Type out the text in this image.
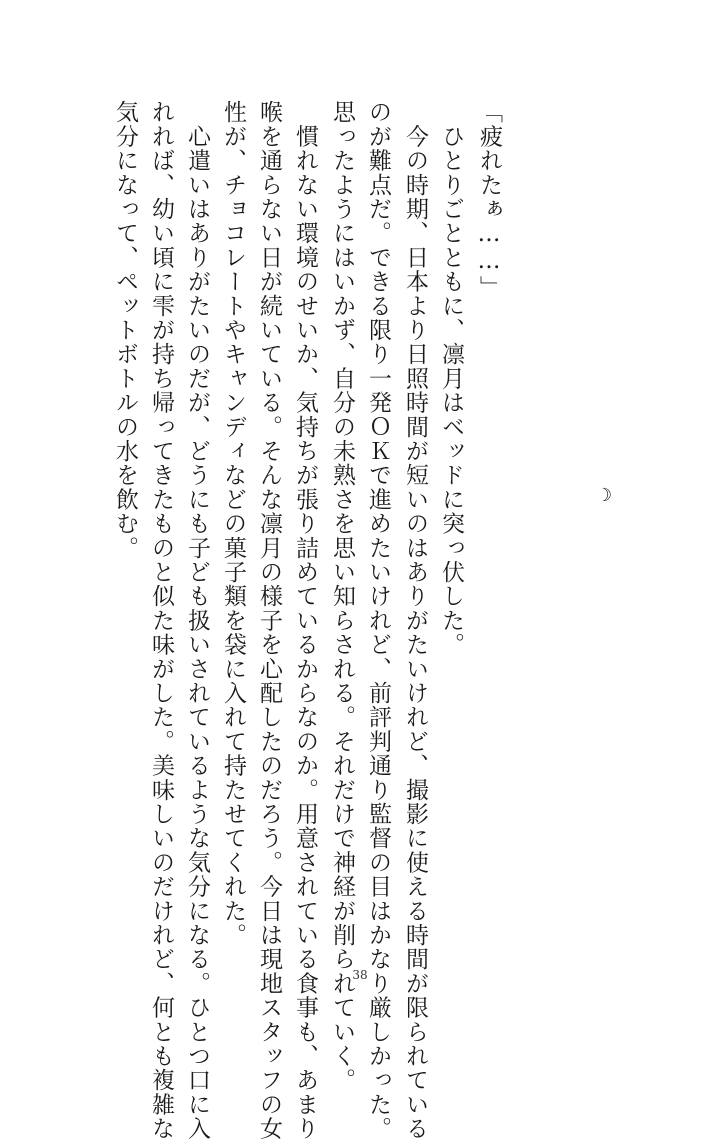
「疲れたぁ……」
　ひとりごとともに、凛月はベッドに突っ伏した。
　今の時期、日本より日照時間が短いのはありがたいけれど、撮影に使える時間が限られている
のが難点だ。できる限り一発ＯＫで進めたいけれど、前評判通り監督の目はかなり厳しかった。
思ったようにはいかず、自分の未熟さを思い知らされる。それだけで神経が削られていく。
　慣れない環境のせいか、気持ちが張り詰めているからなのか。用意されている食事も、あまり
喉を通らない日が続いている。そんな凛月の様子を心配したのだろう。今日は現地スタッフの女
性が、チョコレートやキャンディなどの菓子類を袋に入れて持たせてくれた。
　心遣いはありがたいのだが、どうにも子ども扱いされているような気分になる。ひとつ口に入
れれば、幼い頃に雫が持ち帰ってきたものと似た味がした。美味しいのだけれど、何とも複雑な
気分になって、ペットボトルの水を飲む。	☽
38
